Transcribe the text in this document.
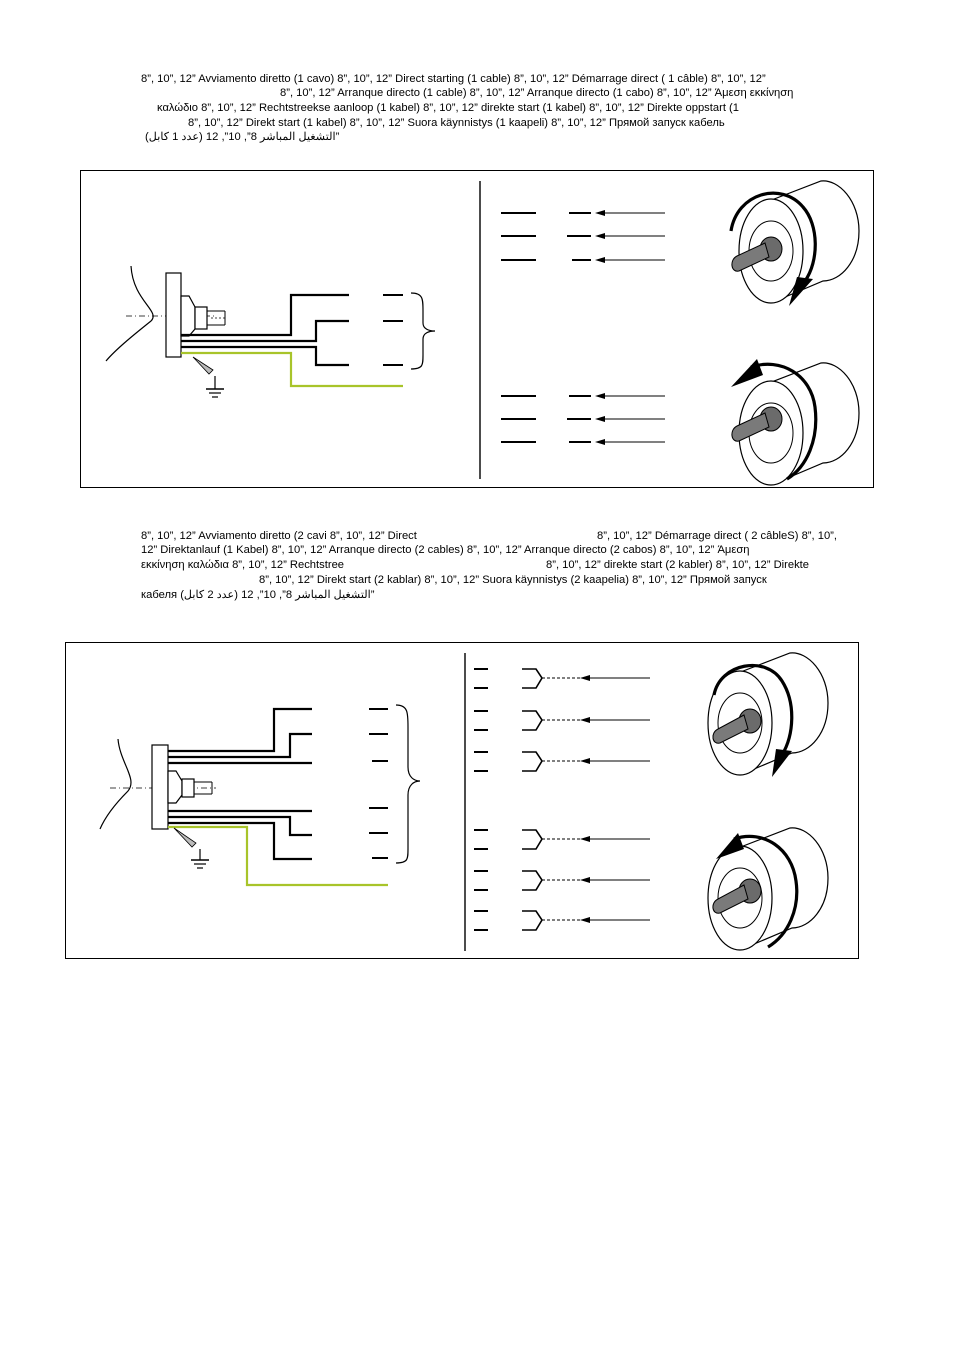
8”, 10”, 12” Avviamento diretto (1 cavo) 8”, 10”, 12” Direct starting (1 cable) 8”, 10”, 12” Démarrage direct ( 1 câble) 8”, 10”, 12”
8”, 10”, 12” Arranque directo (1 cable) 8”, 10”, 12” Arranque directo (1 cabo) 8”, 10”, 12” Άμεση εκκίνηση
καλώδιο 8”, 10”, 12” Rechtstreekse aanloop (1 kabel) 8”, 10”, 12” direkte start (1 kabel) 8”, 10”, 12” Direkte oppstart (1
8”, 10”, 12” Direkt start (1 kabel) 8”, 10”, 12” Suora käynnistys (1 kaapeli) 8”, 10”, 12” Прямой запуск кабель
(عدد 1 كابل) التشغيل المباشر 8”, 10”, 12”
8”, 10”, 12” Avviamento diretto (2 cavi 8”, 10”, 12” Direct	8”, 10”, 12” Démarrage direct ( 2 câbleS) 8”, 10”,
12” Direktanlauf (1 Kabel) 8”, 10”, 12” Arranque directo (2 cables) 8”, 10”, 12” Arranque directo (2 cabos) 8”, 10”, 12” Άμεση
εκκίνηση καλώδια 8”, 10”, 12” Rechtstree	8”, 10”, 12” direkte start (2 kabler) 8”, 10”, 12” Direkte
8”, 10”, 12” Direkt start (2 kablar) 8”, 10”, 12” Suora käynnistys (2 kaapelia) 8”, 10”, 12” Прямой запуск
кабеля (عدد 2 كابل) التشغيل المباشر 8”, 10”, 12”
